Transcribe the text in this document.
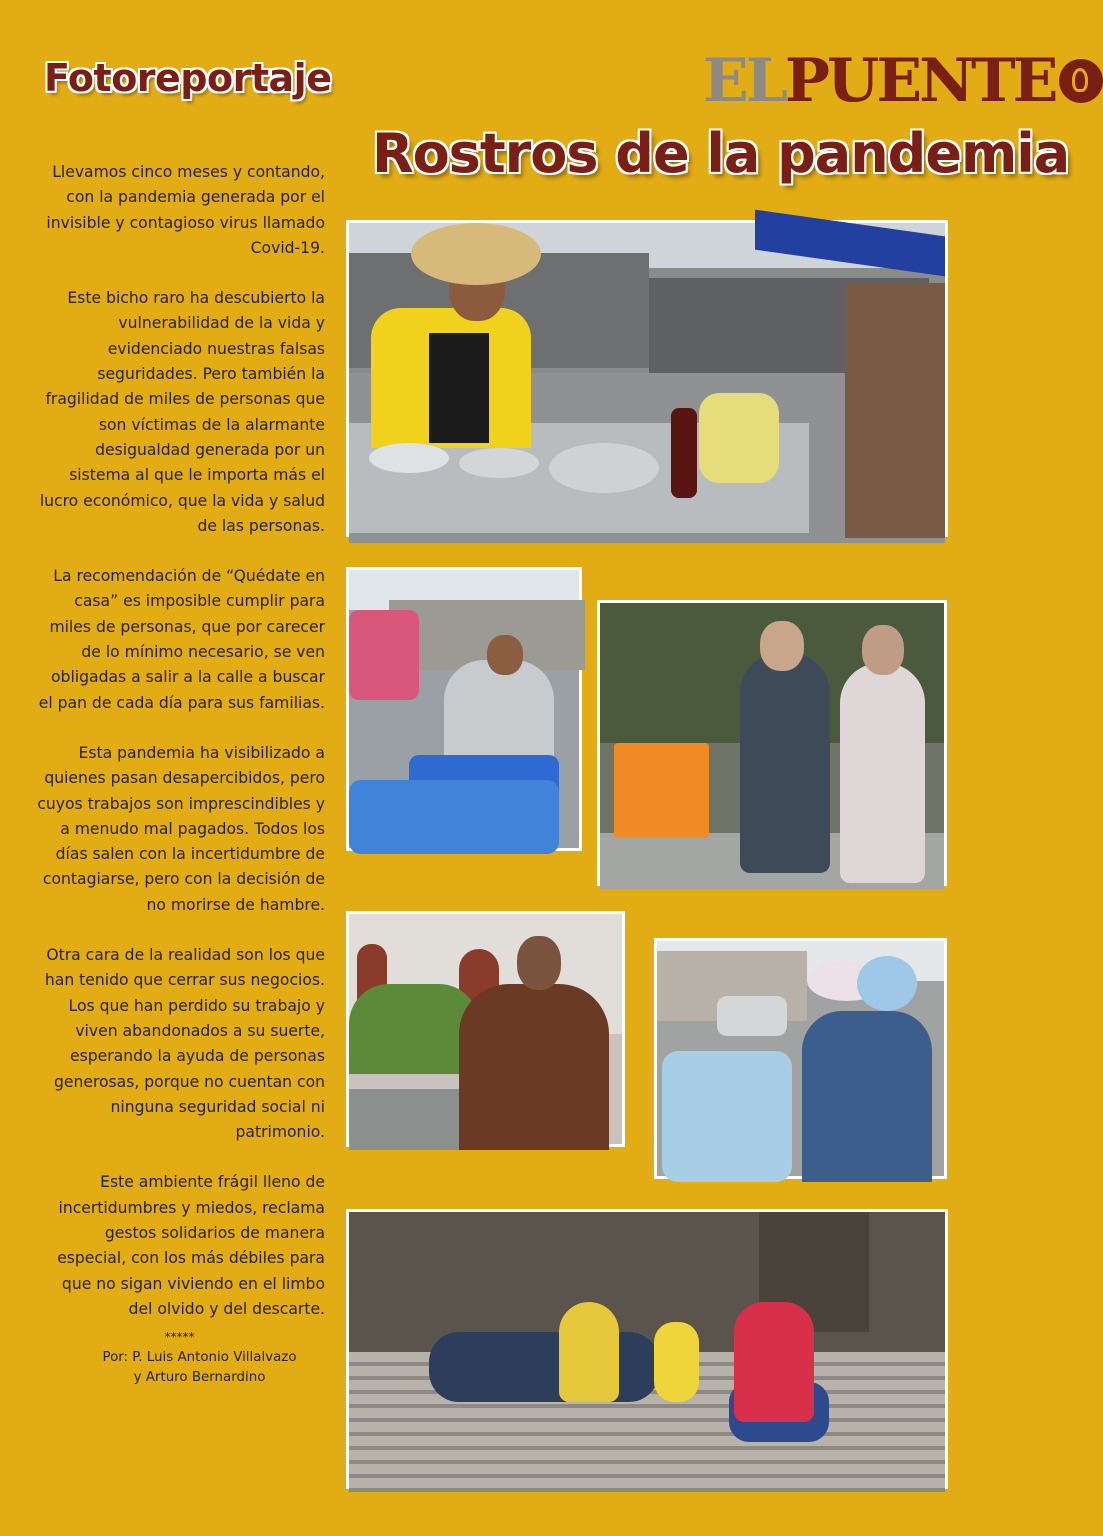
Fotoreportaje	EL PUENTE
Rostros de la pandemia

Llevamos cinco meses y contando, con la pandemia generada por el invisible y contagioso virus llamado Covid-19.

Este bicho raro ha descubierto la vulnerabilidad de la vida y evidenciado nuestras falsas seguridades. Pero también la fragilidad de miles de personas que son víctimas de la alarmante desigualdad generada por un sistema al que le importa más el lucro económico, que la vida y salud de las personas.

La recomendación de “Quédate en casa” es imposible cumplir para miles de personas, que por carecer de lo mínimo necesario, se ven obligadas a salir a la calle a buscar el pan de cada día para sus familias.

Esta pandemia ha visibilizado a quienes pasan desapercibidos, pero cuyos trabajos son imprescindibles y a menudo mal pagados. Todos los días salen con la incertidumbre de contagiarse, pero con la decisión de no morirse de hambre.

Otra cara de la realidad son los que han tenido que cerrar sus negocios. Los que han perdido su trabajo y viven abandonados a su suerte, esperando la ayuda de personas generosas, porque no cuentan con ninguna seguridad social ni patrimonio.

Este ambiente frágil lleno de incertidumbres y miedos, reclama gestos solidarios de manera especial, con los más débiles para que no sigan viviendo en el limbo del olvido y del descarte.

*****
Por: P. Luis Antonio Villalvazo
y Arturo Bernardino
